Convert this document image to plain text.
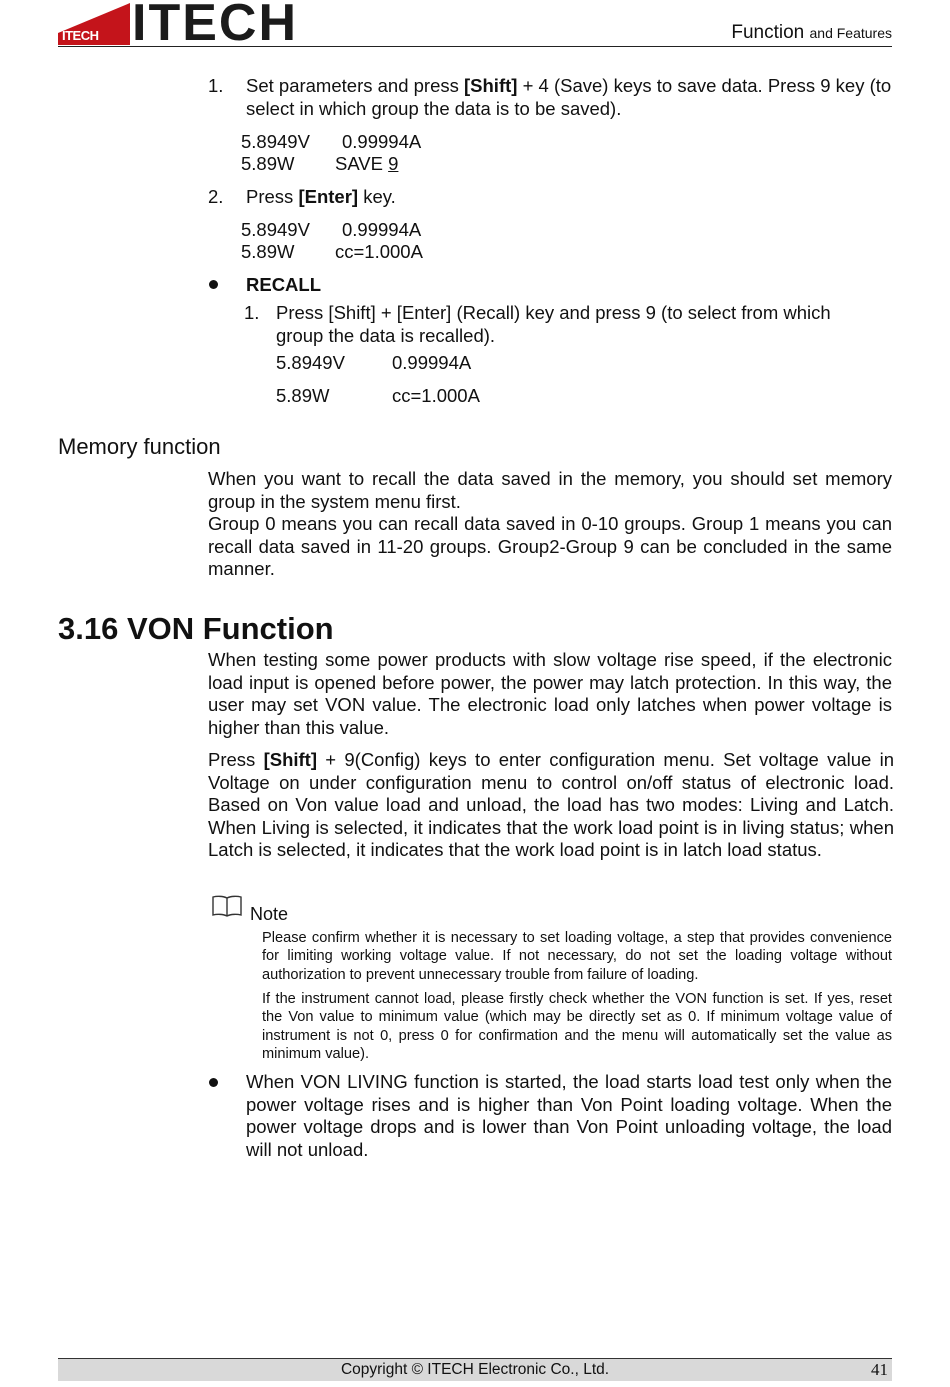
ITECH ITECH	Function and Features
1. Set parameters and press [Shift] + 4 (Save) keys to save data. Press 9 key (to select in which group the data is to be saved).
5.8949V 0.99994A
5.89W SAVE 9
2. Press [Enter] key.
5.8949V 0.99994A
5.89W cc=1.000A
RECALL
1. Press [Shift] + [Enter] (Recall) key and press 9 (to select from which group the data is recalled).
5.8949V	0.99994A
5.89W	cc=1.000A
Memory function
When you want to recall the data saved in the memory, you should set memory group in the system menu first.
Group 0 means you can recall data saved in 0-10 groups. Group 1 means you can recall data saved in 11-20 groups. Group2-Group 9 can be concluded in the same manner.
3.16 VON Function
When testing some power products with slow voltage rise speed, if the electronic load input is opened before power, the power may latch protection. In this way, the user may set VON value. The electronic load only latches when power voltage is higher than this value.
Press [Shift] + 9(Config) keys to enter configuration menu. Set voltage value in Voltage on under configuration menu to control on/off status of electronic load. Based on Von value load and unload, the load has two modes: Living and Latch. When Living is selected, it indicates that the work load point is in living status; when Latch is selected, it indicates that the work load point is in latch load status.
Note
Please confirm whether it is necessary to set loading voltage, a step that provides convenience for limiting working voltage value. If not necessary, do not set the loading voltage without authorization to prevent unnecessary trouble from failure of loading.
If the instrument cannot load, please firstly check whether the VON function is set. If yes, reset the Von value to minimum value (which may be directly set as 0. If minimum voltage value of instrument is not 0, press 0 for confirmation and the menu will automatically set the value as minimum value).
When VON LIVING function is started, the load starts load test only when the power voltage rises and is higher than Von Point loading voltage. When the power voltage drops and is lower than Von Point unloading voltage, the load will not unload.
Copyright © ITECH Electronic Co., Ltd.	41
